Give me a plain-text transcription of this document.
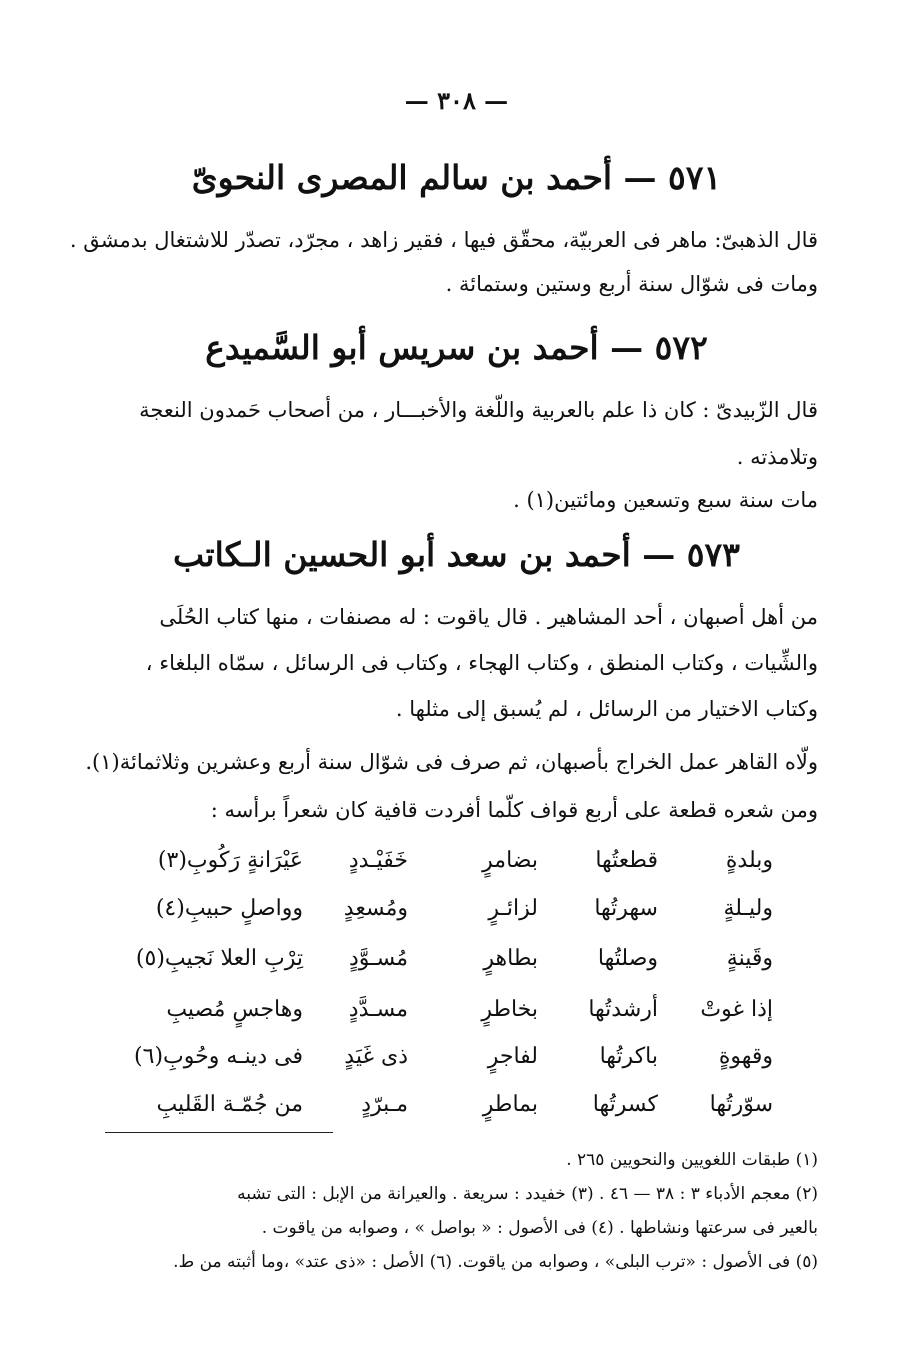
— ٣٠٨ —
٥٧١ — أحمد بن سالم المصرى النحوىّ
قال الذهبىّ: ماهر فى العربيّة، محقّق فيها ، فقير زاهد ، مجرّد، تصدّر للاشتغال بدمشق .
ومات فى شوّال سنة أربع وستين وستمائة .
٥٧٢ — أحمد بن سريس أبو السَّميدع
قال الزّبيدىّ : كان ذا علم بالعربية واللّغة والأخبـــار ، من أصحاب حَمدون النعجة
وتلامذته .
مات سنة سبع وتسعين ومائتين(١) .
٥٧٣ — أحمد بن سعد أبو الحسين الـكاتب
من أهل أصبهان ، أحد المشاهير . قال ياقوت : له مصنفات ، منها كتاب الحُلَى
والشِّيات ، وكتاب المنطق ، وكتاب الهجاء ، وكتاب فى الرسائل ، سمّاه البلغاء ،
وكتاب الاختيار من الرسائل ، لم يُسبق إلى مثلها .
ولّاه القاهر عمل الخراج بأصبهان، ثم صرف فى شوّال سنة أربع وعشرين وثلاثمائة(١).
ومن شعره قطعة على أربع قواف كلّما أفردت قافية كان شعراً برأسه :
وبلدةٍ
قطعتُها
بضامرٍ
خَفَيْـددٍ
عَيْرَانةٍ رَكُوبِ(٣)
وليـلةٍ
سهرتُها
لزائـرٍ
ومُسعِدٍ
وواصلٍ حبيبِ(٤)
وقَينةٍ
وصلتُها
بطاهرٍ
مُسـوَّدٍ
تِرْبِ العلا نَجيبِ(٥)
إذا غوتْ
أرشدتُها
بخاطرٍ
مسـدَّدٍ
وهاجسٍ مُصيبِ
وقهوةٍ
باكرتُها
لفاجرٍ
ذى غَيَدٍ
فى دينـه وحُوبِ(٦)
سوّرتُها
كسرتُها
بماطرٍ
مـبرّدٍ
من جُمّـة القَليبِ
(١) طبقات اللغويين والنحويين ٢٦٥ .
(٢) معجم الأدباء ٣ : ٣٨ — ٤٦ . (٣) خفيدد : سريعة . والعيرانة من الإبل : التى تشبه
بالعير فى سرعتها ونشاطها . (٤) فى الأصول : « بواصل » ، وصوابه من ياقوت .
(٥) فى الأصول : «ترب البلى» ، وصوابه من ياقوت. (٦) الأصل : «ذى عتد» ،وما أثبته من ط.
